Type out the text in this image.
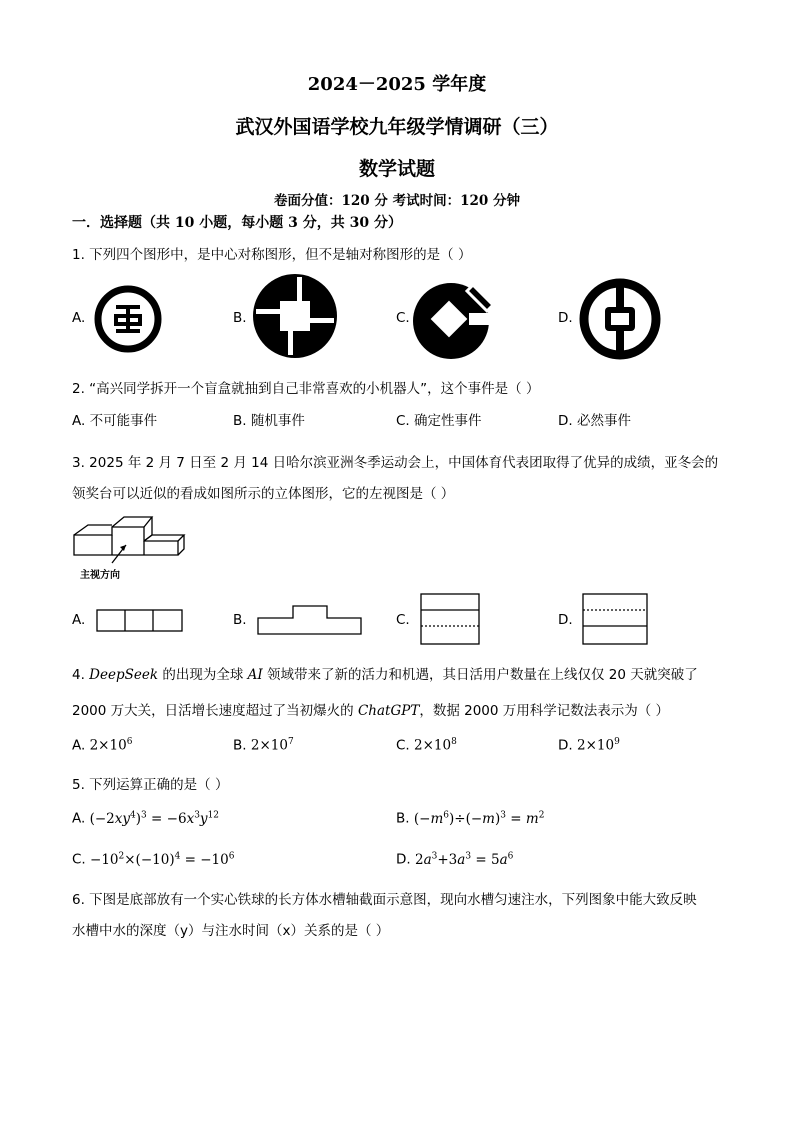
2024－2025 学年度
武汉外国语学校九年级学情调研（三）
数学试题
卷面分值：120 分 考试时间：120 分钟
一．选择题（共 10 小题，每小题 3 分，共 30 分）
1. 下列四个图形中，是中心对称图形，但不是轴对称图形的是（ ）
A.	B.	C.	D.
2. “高兴同学拆开一个盲盒就抽到自己非常喜欢的小机器人”，这个事件是（ ）
A. 不可能事件	B. 随机事件	C. 确定性事件	D. 必然事件
3. 2025 年 2 月 7 日至 2 月 14 日哈尔滨亚洲冬季运动会上，中国体育代表团取得了优异的成绩，亚冬会的
领奖台可以近似的看成如图所示的立体图形，它的左视图是（ ）
主视方向
A.	B.	C.	D.
4. DeepSeek 的出现为全球 AI 领域带来了新的活力和机遇，其日活用户数量在上线仅仅 20 天就突破了
2000 万大关，日活增长速度超过了当初爆火的 ChatGPT，数据 2000 万用科学记数法表示为（ ）
A. $2\times 10^6$	B. $2\times 10^7$	C. $2\times 10^8$	D. $2\times 10^9$
5. 下列运算正确的是（ ）
A. $(-2xy^4)^3 = -6x^3y^{12}$	B. $(-m^6)\div(-m)^3 = m^2$
C. $-10^2\times(-10)^4 = -10^6$	D. $2a^3+3a^3 = 5a^6$
6. 下图是底部放有一个实心铁球的长方体水槽轴截面示意图，现向水槽匀速注水，下列图象中能大致反映
水槽中水的深度（y）与注水时间（x）关系的是（ ）
